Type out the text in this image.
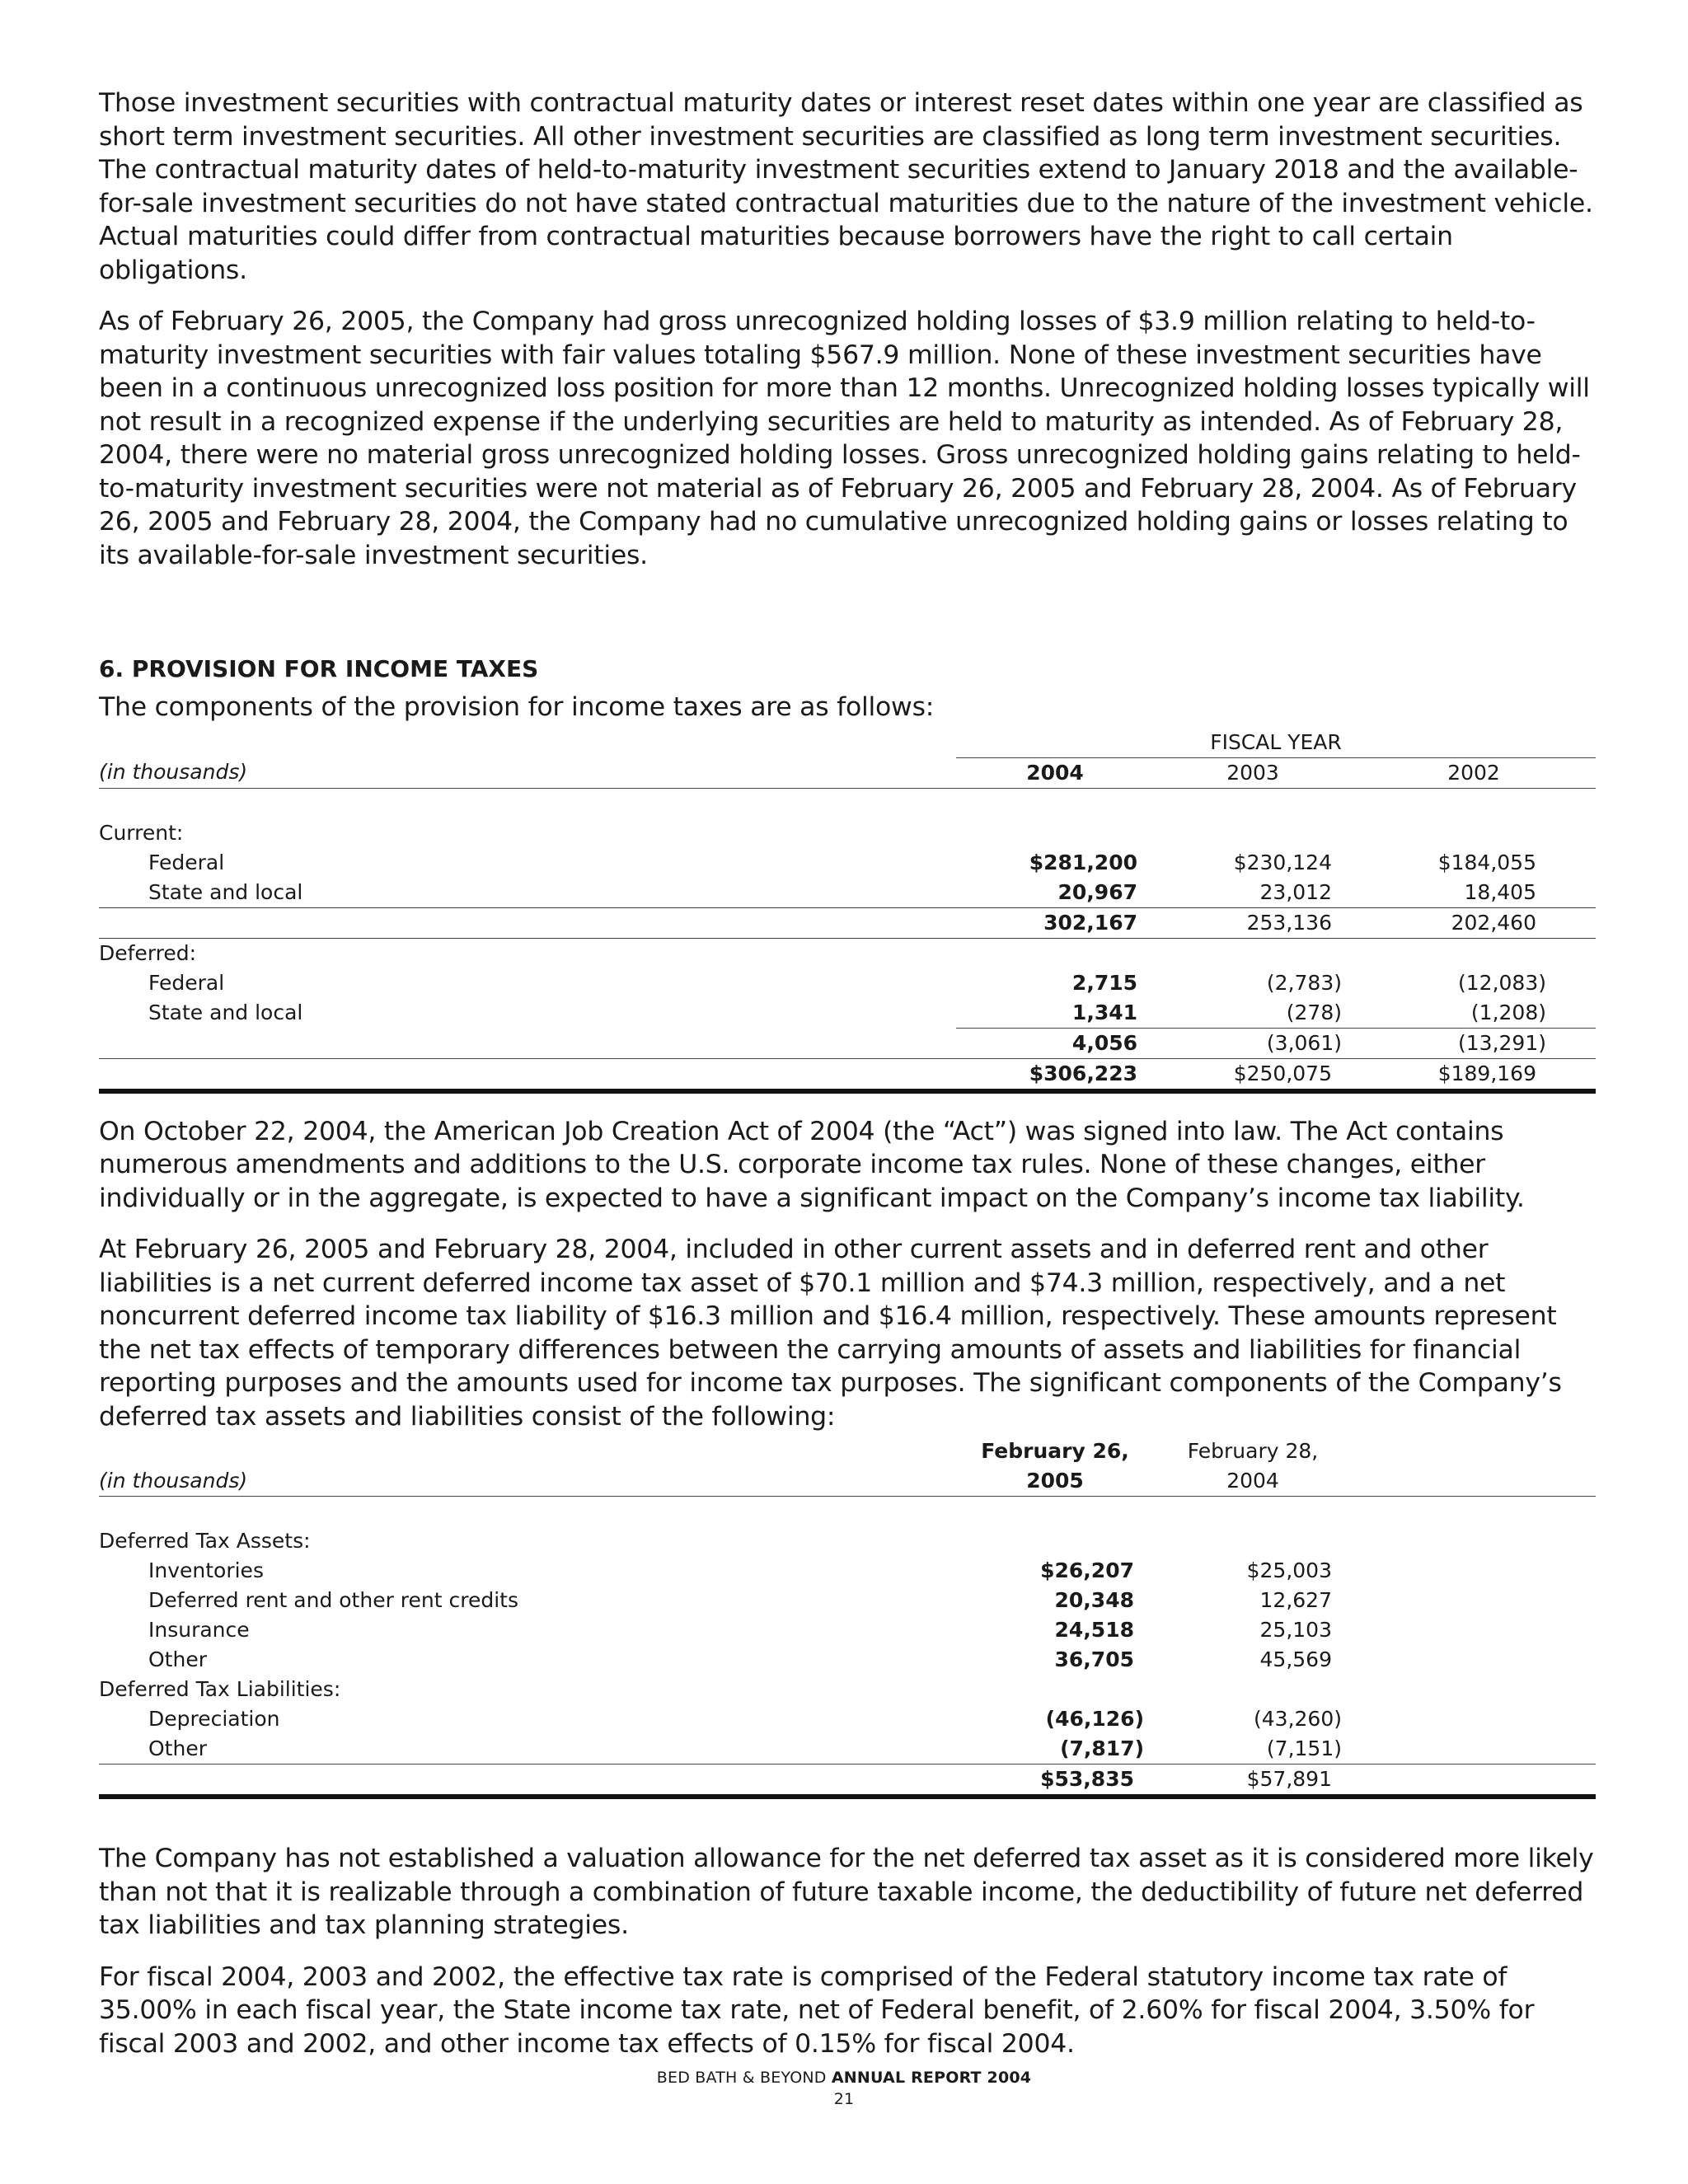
Those investment securities with contractual maturity dates or interest reset dates within one year are classified as short term investment securities. All other investment securities are classified as long term investment securities. The contractual maturity dates of held-to-maturity investment securities extend to January 2018 and the available-for-sale investment securities do not have stated contractual maturities due to the nature of the investment vehicle. Actual maturities could differ from contractual maturities because borrowers have the right to call certain obligations.

As of February 26, 2005, the Company had gross unrecognized holding losses of $3.9 million relating to held-to-maturity investment securities with fair values totaling $567.9 million. None of these investment securities have been in a continuous unrecognized loss position for more than 12 months. Unrecognized holding losses typically will not result in a recognized expense if the underlying securities are held to maturity as intended. As of February 28, 2004, there were no material gross unrecognized holding losses. Gross unrecognized holding gains relating to held-to-maturity investment securities were not material as of February 26, 2005 and February 28, 2004. As of February 26, 2005 and February 28, 2004, the Company had no cumulative unrecognized holding gains or losses relating to its available-for-sale investment securities.

6. PROVISION FOR INCOME TAXES

The components of the provision for income taxes are as follows:

	FISCAL YEAR		
(in thousands)	2004	2003	2002

Current:			
Federal	$281,200	$230,124	$184,055
State and local	20,967	23,012	18,405
	302,167	253,136	202,460
Deferred:			
Federal	2,715	(2,783)	(12,083)
State and local	1,341	(278)	(1,208)
	4,056	(3,061)	(13,291)
	$306,223	$250,075	$189,169

On October 22, 2004, the American Job Creation Act of 2004 (the “Act”) was signed into law. The Act contains numerous amendments and additions to the U.S. corporate income tax rules. None of these changes, either individually or in the aggregate, is expected to have a significant impact on the Company’s income tax liability.

At February 26, 2005 and February 28, 2004, included in other current assets and in deferred rent and other liabilities is a net current deferred income tax asset of $70.1 million and $74.3 million, respectively, and a net noncurrent deferred income tax liability of $16.3 million and $16.4 million, respectively. These amounts represent the net tax effects of temporary differences between the carrying amounts of assets and liabilities for financial reporting purposes and the amounts used for income tax purposes. The significant components of the Company’s deferred tax assets and liabilities consist of the following:

	February 26,	February 28,	
(in thousands)	2005	2004	

Deferred Tax Assets:			
Inventories	$26,207	$25,003	
Deferred rent and other rent credits	20,348	12,627	
Insurance	24,518	25,103	
Other	36,705	45,569	
Deferred Tax Liabilities:			
Depreciation	(46,126)	(43,260)	
Other	(7,817)	(7,151)	
	$53,835	$57,891	

The Company has not established a valuation allowance for the net deferred tax asset as it is considered more likely than not that it is realizable through a combination of future taxable income, the deductibility of future net deferred tax liabilities and tax planning strategies.

For fiscal 2004, 2003 and 2002, the effective tax rate is comprised of the Federal statutory income tax rate of 35.00% in each fiscal year, the State income tax rate, net of Federal benefit, of 2.60% for fiscal 2004, 3.50% for fiscal 2003 and 2002, and other income tax effects of 0.15% for fiscal 2004.

BED BATH & BEYOND ANNUAL REPORT 2004
21
